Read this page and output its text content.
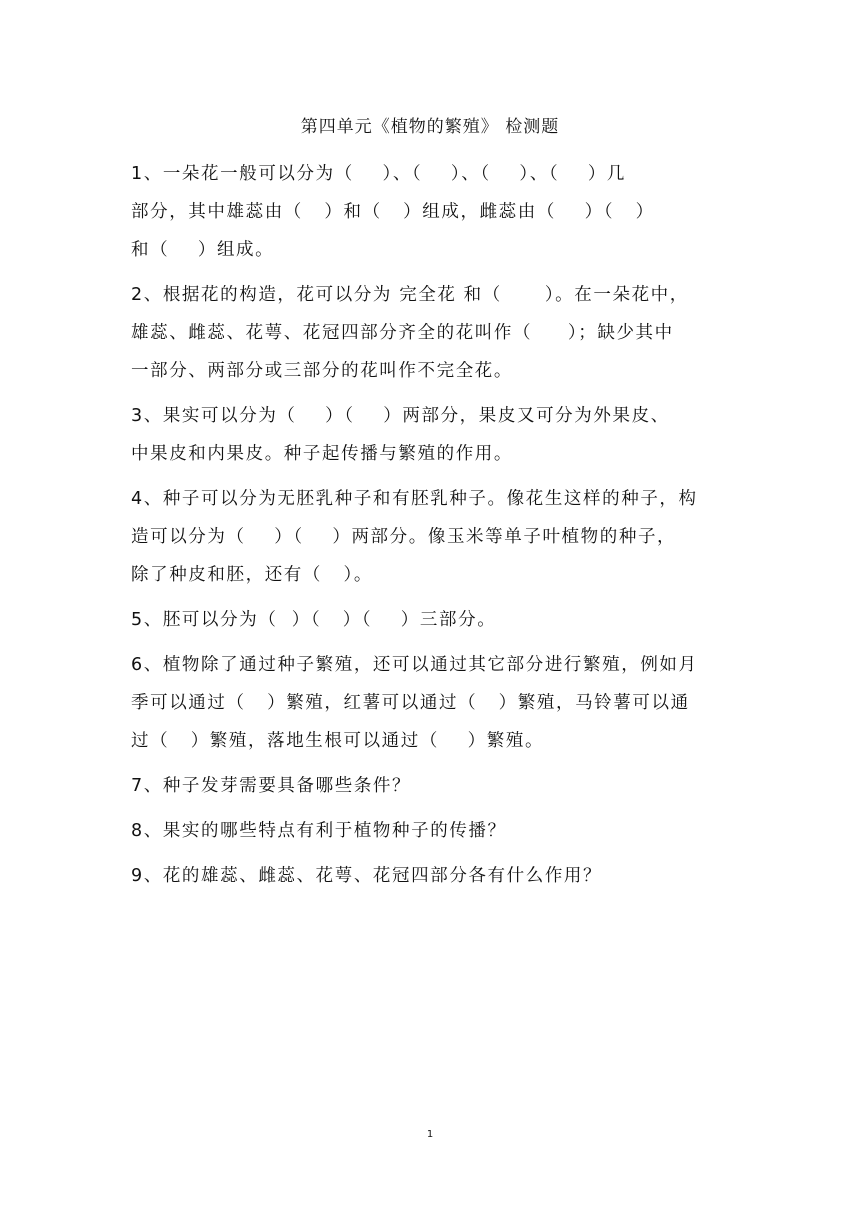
第四单元《植物的繁殖》 检测题
1、一朵花一般可以分为（    ）、（    ）、（    ）、（    ）几
部分，其中雄蕊由（   ）和（   ）组成，雌蕊由（    ）（   ）
和（    ）组成。
2、根据花的构造，花可以分为 完全花 和（      ）。在一朵花中，
雄蕊、雌蕊、花萼、花冠四部分齐全的花叫作（     ）；缺少其中
一部分、两部分或三部分的花叫作不完全花。
3、果实可以分为（    ）（    ）两部分，果皮又可分为外果皮、
中果皮和内果皮。种子起传播与繁殖的作用。
4、种子可以分为无胚乳种子和有胚乳种子。像花生这样的种子，构
造可以分为（    ）（    ）两部分。像玉米等单子叶植物的种子，
除了种皮和胚，还有（   ）。
5、胚可以分为（  ）（   ）（    ）三部分。
6、植物除了通过种子繁殖，还可以通过其它部分进行繁殖，例如月
季可以通过（   ）繁殖，红薯可以通过（   ）繁殖，马铃薯可以通
过（   ）繁殖，落地生根可以通过（    ）繁殖。
7、种子发芽需要具备哪些条件？
8、果实的哪些特点有利于植物种子的传播？
9、花的雄蕊、雌蕊、花萼、花冠四部分各有什么作用？
1
